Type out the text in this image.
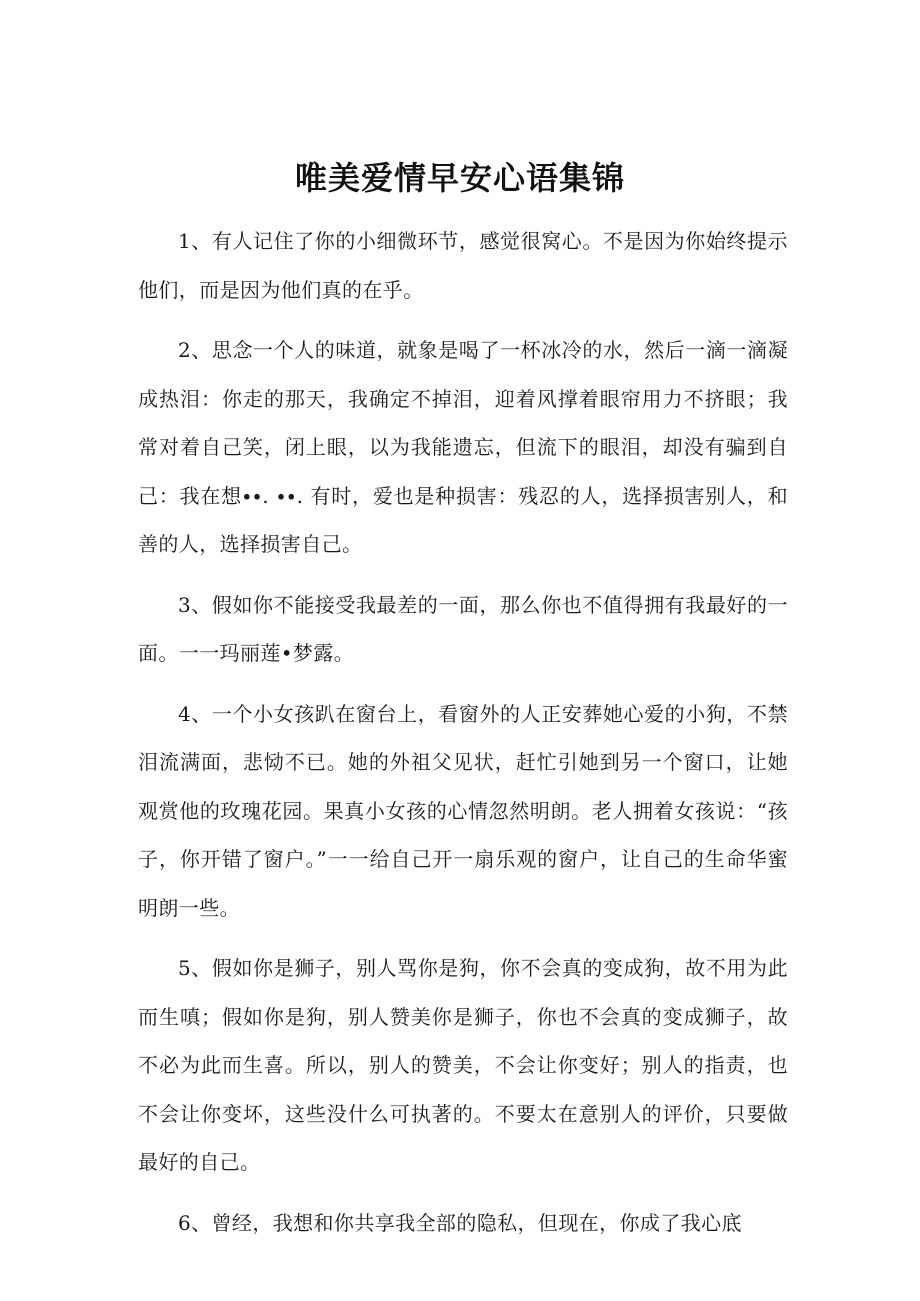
唯美爱情早安心语集锦

1、有人记住了你的小细微环节，感觉很窝心。不是因为你始终提示他们，而是因为他们真的在乎。

2、思念一个人的味道，就象是喝了一杯冰冷的水，然后一滴一滴凝成热泪：你走的那天，我确定不掉泪，迎着风撑着眼帘用力不挤眼；我常对着自己笑，闭上眼，以为我能遗忘，但流下的眼泪，却没有骗到自己：我在想∙∙. ∙∙. 有时，爱也是种损害：残忍的人，选择损害别人，和善的人，选择损害自己。

3、假如你不能接受我最差的一面，那么你也不值得拥有我最好的一面。一一玛丽莲•梦露。

4、一个小女孩趴在窗台上，看窗外的人正安葬她心爱的小狗，不禁泪流满面，悲恸不已。她的外祖父见状，赶忙引她到另一个窗口，让她观赏他的玫瑰花园。果真小女孩的心情忽然明朗。老人拥着女孩说：“孩子，你开错了窗户。”一一给自己开一扇乐观的窗户，让自己的生命华蜜明朗一些。

5、假如你是狮子，别人骂你是狗，你不会真的变成狗，故不用为此而生嗔；假如你是狗，别人赞美你是狮子，你也不会真的变成狮子，故不必为此而生喜。所以，别人的赞美，不会让你变好；别人的指责，也不会让你变坏，这些没什么可执著的。不要太在意别人的评价，只要做最好的自己。

6、曾经，我想和你共享我全部的隐私，但现在，你成了我心底
